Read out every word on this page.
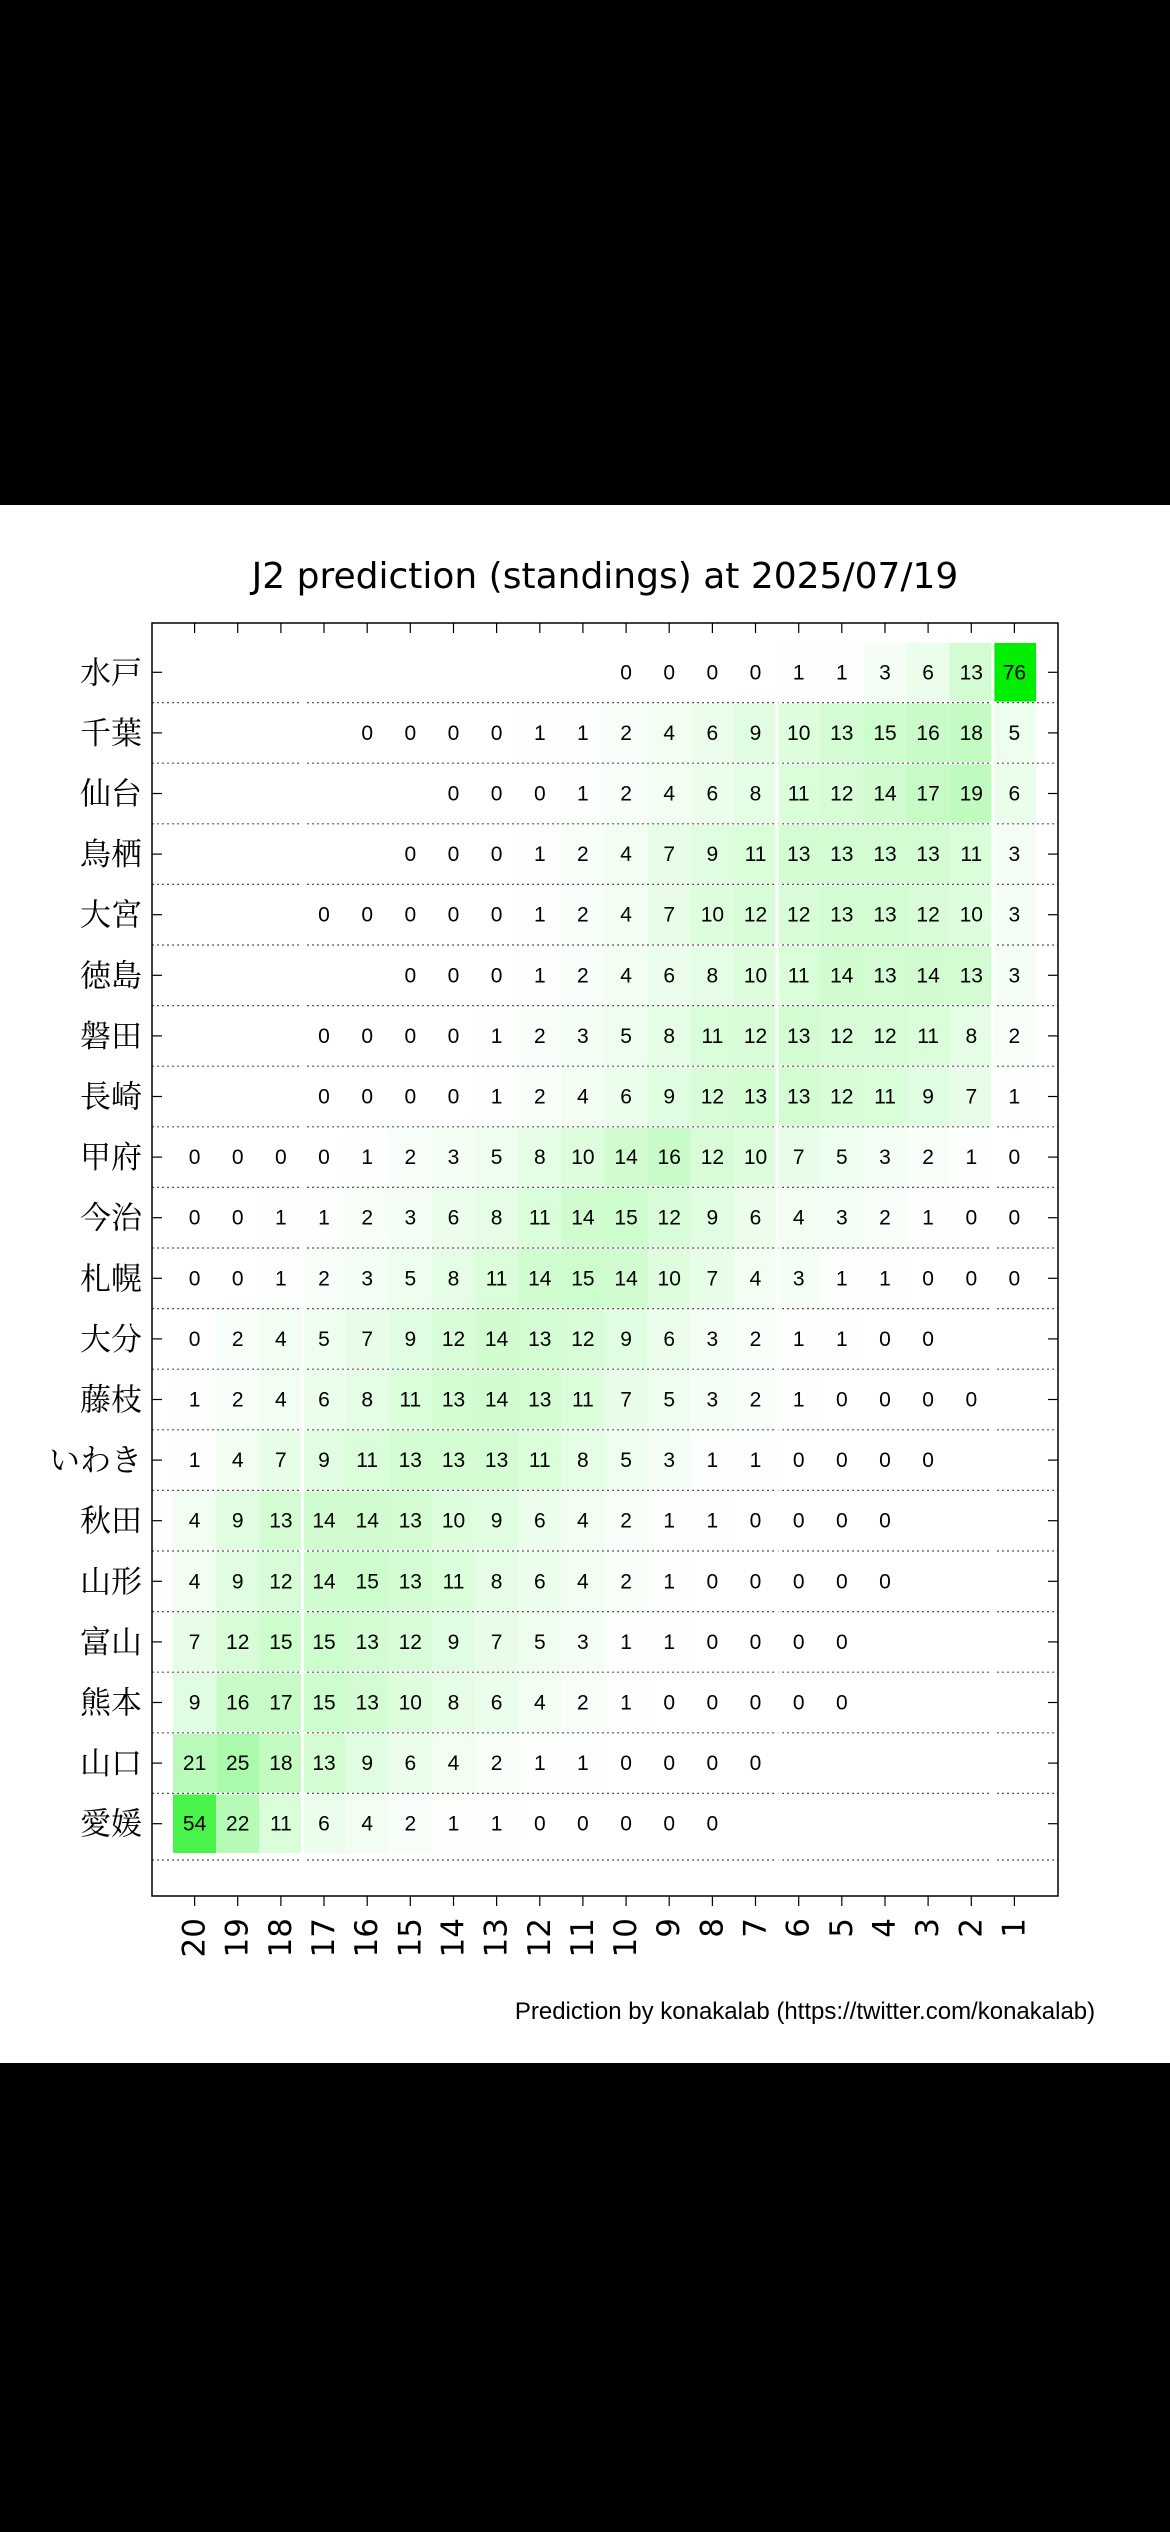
J2 prediction (standings) at 2025/07/19
0 0 0 0 1 1 3 6 13 76
0 0 0 0 1 1 2 4 6 9 10 13 15 16 18 5
0 0 0 1 2 4 6 8 11 12 14 17 19 6
0 0 0 1 2 4 7 9 11 13 13 13 13 11 3
0 0 0 0 0 1 2 4 7 10 12 12 13 13 12 10 3
0 0 0 1 2 4 6 8 10 11 14 13 14 13 3
0 0 0 0 1 2 3 5 8 11 12 13 12 12 11 8 2
0 0 0 0 1 2 4 6 9 12 13 13 12 11 9 7 1
0 0 0 0 1 2 3 5 8 10 14 16 12 10 7 5 3 2 1 0
0 0 1 1 2 3 6 8 11 14 15 12 9 6 4 3 2 1 0 0
0 0 1 2 3 5 8 11 14 15 14 10 7 4 3 1 1 0 0 0
0 2 4 5 7 9 12 14 13 12 9 6 3 2 1 1 0 0
1 2 4 6 8 11 13 14 13 11 7 5 3 2 1 0 0 0 0
1 4 7 9 11 13 13 13 11 8 5 3 1 1 0 0 0 0
4 9 13 14 14 13 10 9 6 4 2 1 1 0 0 0 0
4 9 12 14 15 13 11 8 6 4 2 1 0 0 0 0 0
7 12 15 15 13 12 9 7 5 3 1 1 0 0 0 0
9 16 17 15 13 10 8 6 4 2 1 0 0 0 0 0
21 25 18 13 9 6 4 2 1 1 0 0 0 0
54 22 11 6 4 2 1 1 0 0 0 0 0
20 19 18 17 16 15 14 13 12 11 10 9 8 7 6 5 4 3 2 1
水戸
千葉
仙台
鳥栖
大宮
徳島
磐田
長崎
甲府
今治
札幌
大分
藤枝
いわき
秋田
山形
富山
熊本
山口
愛媛
Prediction by konakalab (https://twitter.com/konakalab)
